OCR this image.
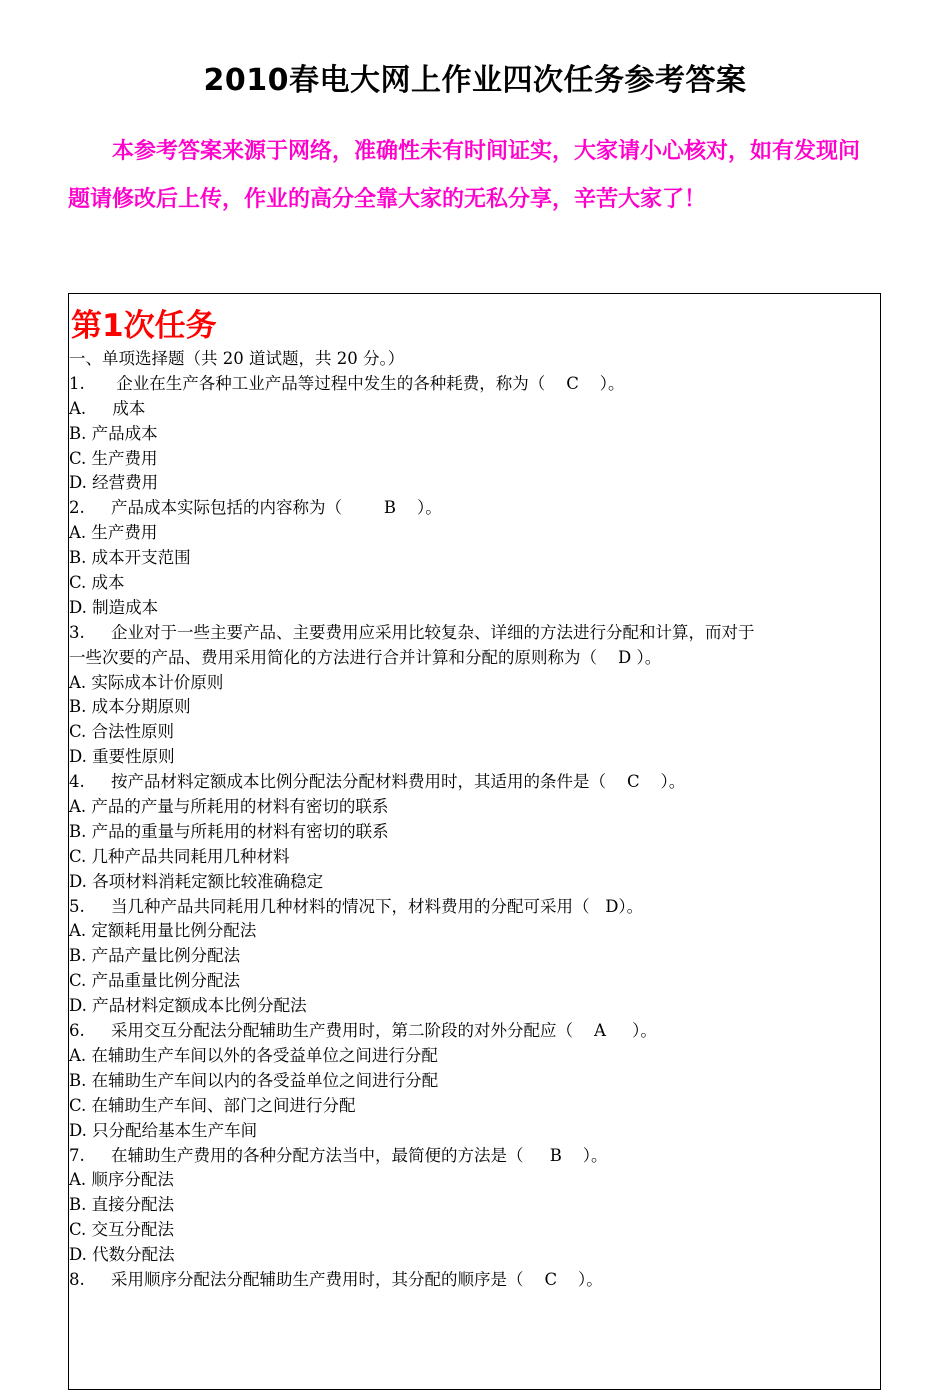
2010春电大网上作业四次任务参考答案
本参考答案来源于网络，准确性未有时间证实，大家请小心核对，如有发现问题请修改后上传，作业的高分全靠大家的无私分享，辛苦大家了！
第1次任务
一、单项选择题（共 20 道试题，共 20 分。）
1.      企业在生产各种工业产品等过程中发生的各种耗费，称为（    C    ）。
A.     成本
B. 产品成本
C. 生产费用
D. 经营费用
2.     产品成本实际包括的内容称为（        B    ）。
A. 生产费用
B. 成本开支范围
C. 成本
D. 制造成本
3.     企业对于一些主要产品、主要费用应采用比较复杂、详细的方法进行分配和计算，而对于
一些次要的产品、费用采用简化的方法进行合并计算和分配的原则称为（    D ）。
A. 实际成本计价原则
B. 成本分期原则
C. 合法性原则
D. 重要性原则
4.     按产品材料定额成本比例分配法分配材料费用时，其适用的条件是（    C    ）。
A. 产品的产量与所耗用的材料有密切的联系
B. 产品的重量与所耗用的材料有密切的联系
C. 几种产品共同耗用几种材料
D. 各项材料消耗定额比较准确稳定
5.     当几种产品共同耗用几种材料的情况下，材料费用的分配可采用（   D）。
A. 定额耗用量比例分配法
B. 产品产量比例分配法
C. 产品重量比例分配法
D. 产品材料定额成本比例分配法
6.     采用交互分配法分配辅助生产费用时，第二阶段的对外分配应（    A     ）。
A. 在辅助生产车间以外的各受益单位之间进行分配
B. 在辅助生产车间以内的各受益单位之间进行分配
C. 在辅助生产车间、部门之间进行分配
D. 只分配给基本生产车间
7.     在辅助生产费用的各种分配方法当中，最简便的方法是（     B    ）。
A. 顺序分配法
B. 直接分配法
C. 交互分配法
D. 代数分配法
8.     采用顺序分配法分配辅助生产费用时，其分配的顺序是（    C    ）。
